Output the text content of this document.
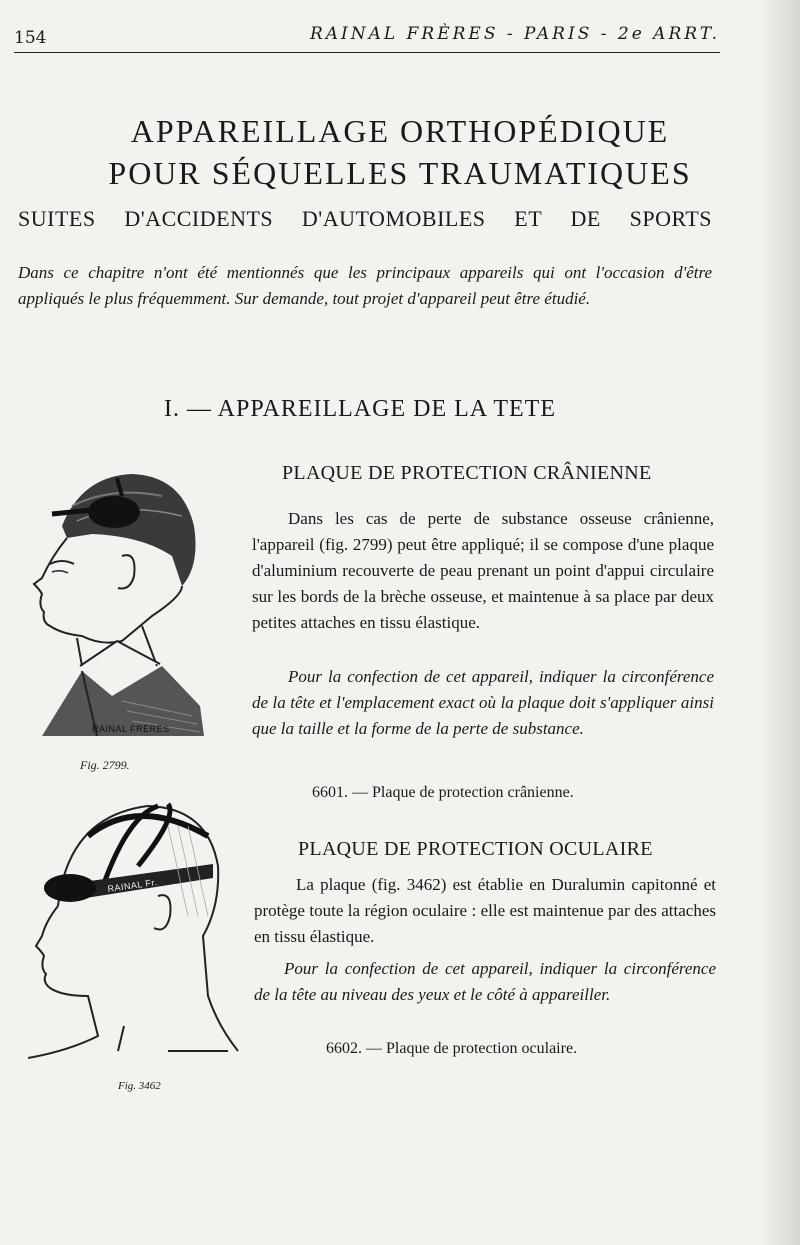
154	RAINAL FRÈRES - PARIS - 2e ARRT.
APPAREILLAGE ORTHOPÉDIQUE
POUR SÉQUELLES TRAUMATIQUES
SUITES D'ACCIDENTS D'AUTOMOBILES ET DE SPORTS

Dans ce chapitre n'ont été mentionnés que les principaux appareils qui ont l'occasion d'être appliqués le plus fréquemment. Sur demande, tout projet d'appareil peut être étudié.

I. — APPAREILLAGE DE LA TETE
RAINAL FRÈRES
Fig. 2799.
PLAQUE DE PROTECTION CRÂNIENNE

Dans les cas de perte de substance osseuse crânienne, l'appareil (fig. 2799) peut être appliqué; il se compose d'une plaque d'aluminium recouverte de peau prenant un point d'appui circulaire sur les bords de la brèche osseuse, et maintenue à sa place par deux petites attaches en tissu élastique.

Pour la confection de cet appareil, indiquer la circonférence de la tête et l'emplacement exact où la plaque doit s'appliquer ainsi que la taille et la forme de la perte de substance.

6601. — Plaque de protection crânienne.

RAINAL Fr.
Fig. 3462
PLAQUE DE PROTECTION OCULAIRE

La plaque (fig. 3462) est établie en Duralumin capitonné et protège toute la région oculaire : elle est maintenue par des attaches en tissu élastique.

Pour la confection de cet appareil, indiquer la circonférence de la tête au niveau des yeux et le côté à appareiller.

6602. — Plaque de protection oculaire.
